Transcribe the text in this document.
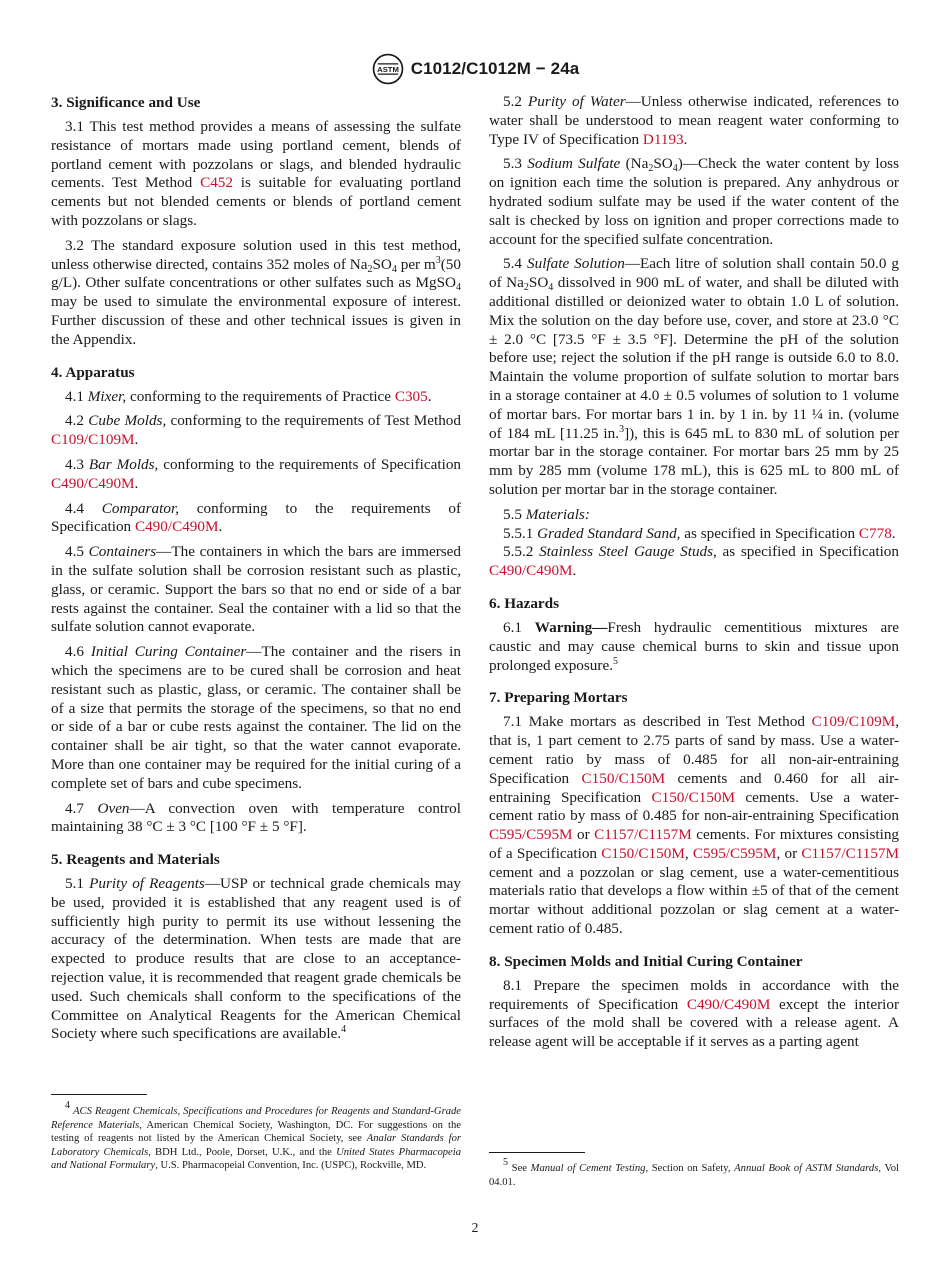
ASTM C1012/C1012M − 24a
3. Significance and Use

3.1 This test method provides a means of assessing the sulfate resistance of mortars made using portland cement, blends of portland cement with pozzolans or slags, and blended hydraulic cements. Test Method C452 is suitable for evaluating portland cements but not blended cements or blends of portland cement with pozzolans or slags.

3.2 The standard exposure solution used in this test method, unless otherwise directed, contains 352 moles of $Na_2SO_4$ per $m^3(50$ g/L). Other sulfate concentrations or other sulfates such as MgSO$_4$ may be used to simulate the environmental exposure of interest. Further discussion of these and other technical issues is given in the Appendix.

4. Apparatus

4.1 Mixer, conforming to the requirements of Practice C305.

4.2 Cube Molds, conforming to the requirements of Test Method C109/C109M.

4.3 Bar Molds, conforming to the requirements of Specification C490/C490M.

4.4 Comparator, conforming to the requirements of Specification C490/C490M.

4.5 Containers—The containers in which the bars are immersed in the sulfate solution shall be corrosion resistant such as plastic, glass, or ceramic. Support the bars so that no end or side of a bar rests against the container. Seal the container with a lid so that the sulfate solution cannot evaporate.

4.6 Initial Curing Container—The container and the risers in which the specimens are to be cured shall be corrosion and heat resistant such as plastic, glass, or ceramic. The container shall be of a size that permits the storage of the specimens, so that no end or side of a bar or cube rests against the container. The lid on the container shall be air tight, so that the water cannot evaporate. More than one container may be required for the initial curing of a complete set of bars and cube specimens.

4.7 Oven—A convection oven with temperature control maintaining 38 °C ± 3 °C [100 °F ± 5 °F].

5. Reagents and Materials

5.1 Purity of Reagents—USP or technical grade chemicals may be used, provided it is established that any reagent used is of sufficiently high purity to permit its use without lessening the accuracy of the determination. When tests are made that are expected to produce results that are close to an acceptance-rejection value, it is recommended that reagent grade chemicals be used. Such chemicals shall conform to the specifications of the Committee on Analytical Reagents for the American Chemical Society where such specifications are available.$^4$

5.2 Purity of Water—Unless otherwise indicated, references to water shall be understood to mean reagent water conforming to Type IV of Specification D1193.

5.3 Sodium Sulfate $(Na_2SO_4)—Check$ the water content by loss on ignition each time the solution is prepared. Any anhydrous or hydrated sodium sulfate may be used if the water content of the salt is checked by loss on ignition and proper corrections made to account for the specified sulfate concentration.

5.4 Sulfate Solution—Each litre of solution shall contain 50.0 g of $Na_2SO_4$ dissolved in 900 mL of water, and shall be diluted with additional distilled or deionized water to obtain 1.0 L of solution. Mix the solution on the day before use, cover, and store at 23.0 °C ± 2.0 °C [73.5 °F ± 3.5 °F]. Determine the pH of the solution before use; reject the solution if the pH range is outside 6.0 to 8.0. Maintain the volume proportion of sulfate solution to mortar bars in a storage container at 4.0 ± 0.5 volumes of solution to 1 volume of mortar bars. For mortar bars 1 in. by 1 in. by 11 ¼ in. (volume of 184 mL [11.25 in.$^3$]), this is 645 mL to 830 mL of solution per mortar bar in the storage container. For mortar bars 25 mm by 25 mm by 285 mm (volume 178 mL), this is 625 mL to 800 mL of solution per mortar bar in the storage container.

5.5 Materials:

5.5.1 Graded Standard Sand, as specified in Specification C778.

5.5.2 Stainless Steel Gauge Studs, as specified in Specification C490/C490M.

6. Hazards

6.1 Warning—Fresh hydraulic cementitious mixtures are caustic and may cause chemical burns to skin and tissue upon prolonged exposure.$^5$

7. Preparing Mortars

7.1 Make mortars as described in Test Method C109/C109M, that is, 1 part cement to 2.75 parts of sand by mass. Use a water-cement ratio by mass of 0.485 for all non-air-entraining Specification C150/C150M cements and 0.460 for all air-entraining Specification C150/C150M cements. Use a water-cement ratio by mass of 0.485 for non-air-entraining Specification C595/C595M or C1157/C1157M cements. For mixtures consisting of a Specification C150/C150M, C595/C595M, or C1157/C1157M cement and a pozzolan or slag cement, use a water-cementitious materials ratio that develops a flow within ±5 of that of the cement mortar without additional pozzolan or slag cement at a water-cement ratio of 0.485.

8. Specimen Molds and Initial Curing Container

8.1 Prepare the specimen molds in accordance with the requirements of Specification C490/C490M except the interior surfaces of the mold shall be covered with a release agent. A release agent will be acceptable if it serves as a parting agent

$^4$ ACS Reagent Chemicals, Specifications and Procedures for Reagents and Standard-Grade Reference Materials, American Chemical Society, Washington, DC. For suggestions on the testing of reagents not listed by the American Chemical Society, see Analar Standards for Laboratory Chemicals, BDH Ltd., Poole, Dorset, U.K., and the United States Pharmacopeia and National Formulary, U.S. Pharmacopeial Convention, Inc. (USPC), Rockville, MD.	$^5$ See Manual of Cement Testing, Section on Safety, Annual Book of ASTM Standards, Vol 04.01.
2
